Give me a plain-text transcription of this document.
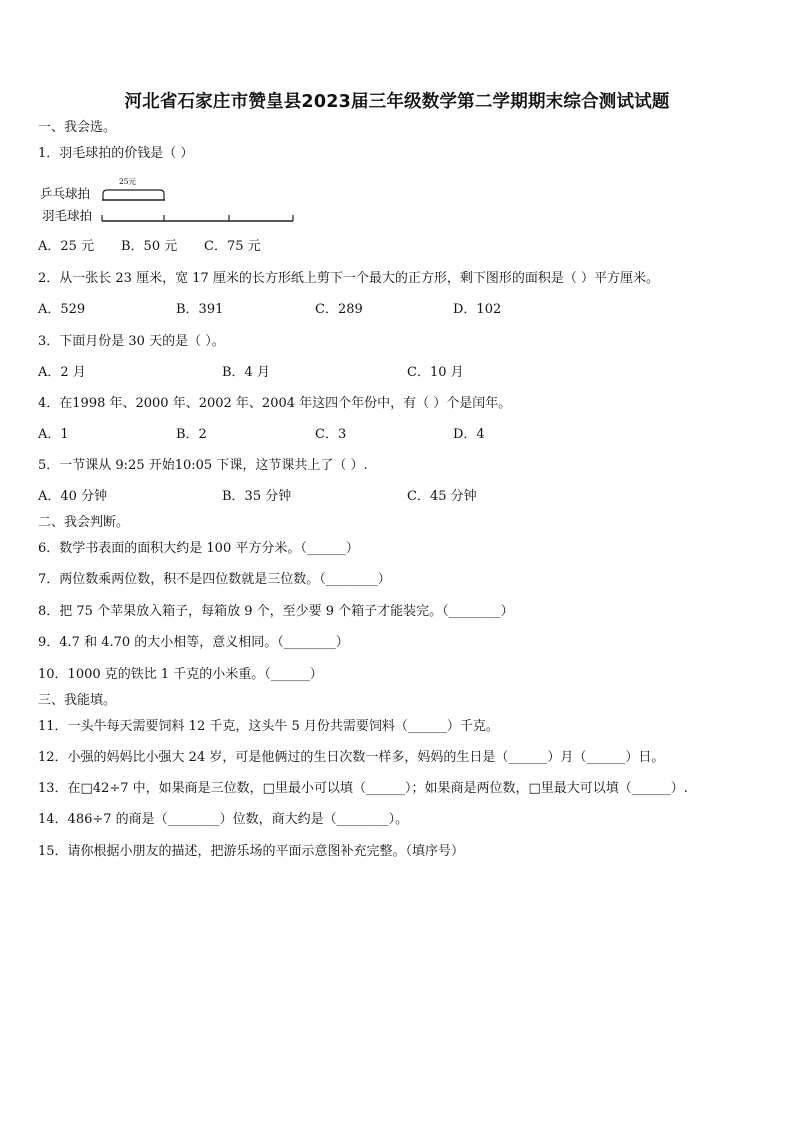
河北省石家庄市赞皇县2023届三年级数学第二学期期末综合测试试题
一、我会选。
1．羽毛球拍的价钱是（ ）
乒乓球拍
羽毛球拍
25元
A．25 元 B．50 元 C．75 元
2．从一张长 23 厘米，宽 17 厘米的长方形纸上剪下一个最大的正方形，剩下图形的面积是（ ）平方厘米。
A．529	B．391	C．289	D．102
3．下面月份是 30 天的是（ ）。
A．2 月	B．4 月	C．10 月
4．在1998 年、2000 年、2002 年、2004 年这四个年份中，有（ ）个是闰年。
A．1	B．2	C．3	D．4
5．一节课从 9:25 开始10:05 下课，这节课共上了（ ）.
A．40 分钟	B．35 分钟	C．45 分钟
二、我会判断。
6．数学书表面的面积大约是 100 平方分米。（______）
7．两位数乘两位数，积不是四位数就是三位数。（________）
8．把 75 个苹果放入箱子，每箱放 9 个，至少要 9 个箱子才能装完。（________）
9．4.7 和 4.70 的大小相等，意义相同。（________）
10．1000 克的铁比 1 千克的小米重。（______）
三、我能填。
11．一头牛每天需要饲料 12 千克，这头牛 5 月份共需要饲料（______）千克。
12．小强的妈妈比小强大 24 岁，可是他俩过的生日次数一样多，妈妈的生日是（______）月（______）日。
13．在□42÷7 中，如果商是三位数，□里最小可以填（______）；如果商是两位数，□里最大可以填（______）.
14．486÷7 的商是（________）位数，商大约是（________）。
15．请你根据小朋友的描述，把游乐场的平面示意图补充完整。（填序号）
